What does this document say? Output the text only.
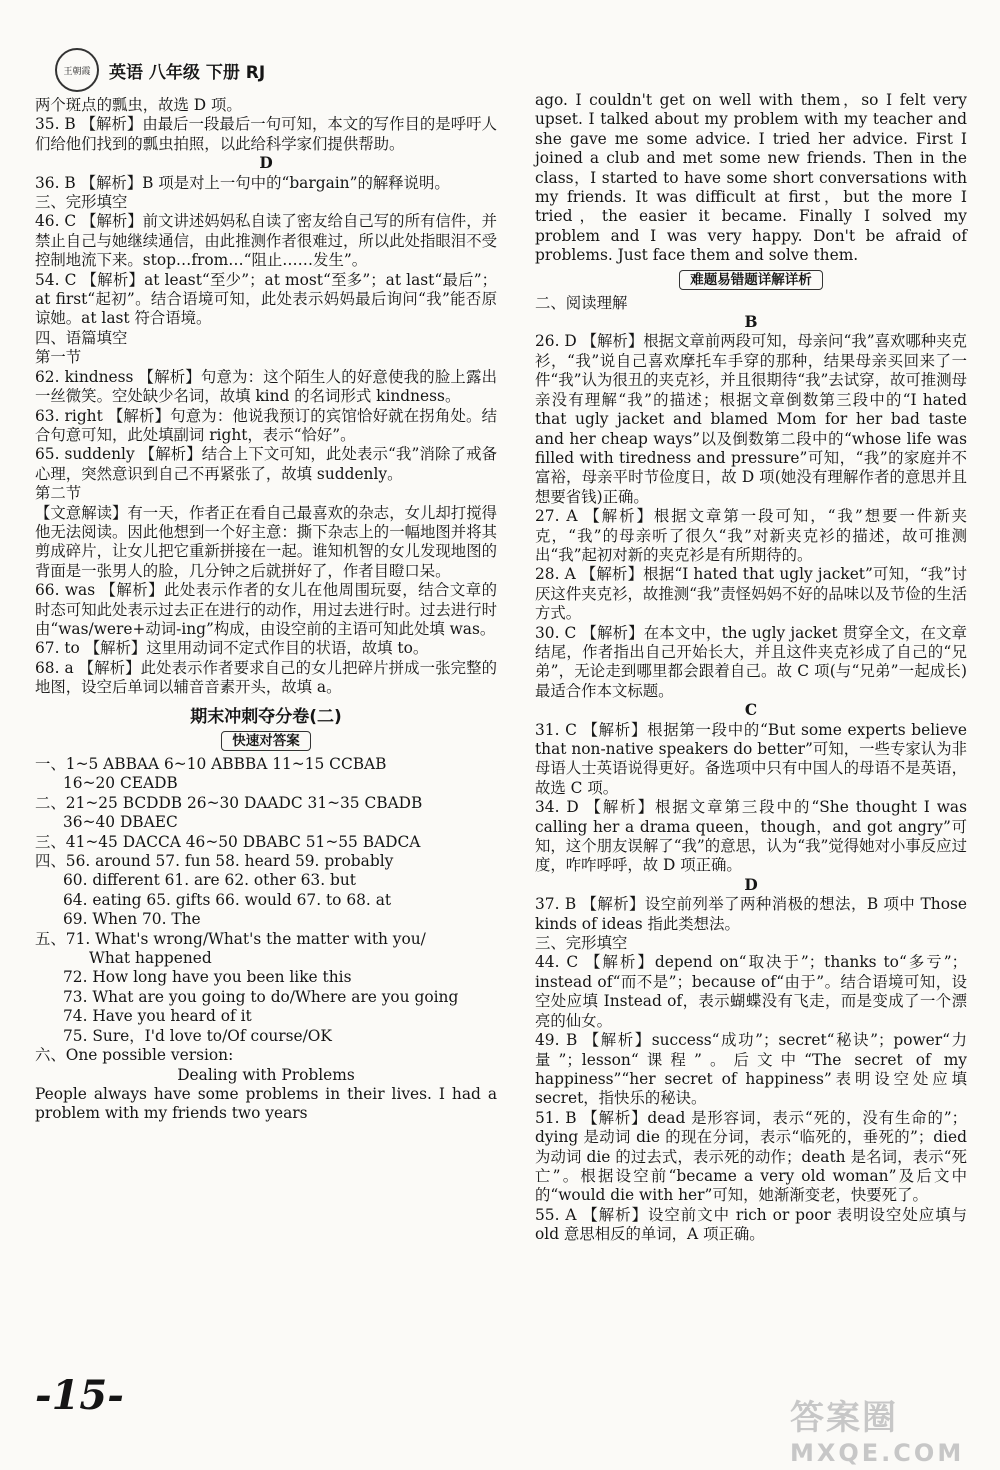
王朝霞 英语 八年级 下册 RJ
两个斑点的瓢虫，故选 D 项。
35. B 【解析】由最后一段最后一句可知，本文的写作目的是呼吁人们给他们找到的瓢虫拍照，以此给科学家们提供帮助。
D
36. B 【解析】B 项是对上一句中的“bargain”的解释说明。
三、完形填空
46. C 【解析】前文讲述妈妈私自读了密友给自己写的所有信件，并禁止自己与她继续通信，由此推测作者很难过，所以此处指眼泪不受控制地流下来。stop…from…“阻止……发生”。
54. C 【解析】at least“至少”；at most“至多”；at last“最后”；at first“起初”。结合语境可知，此处表示妈妈最后询问“我”能否原谅她。at last 符合语境。
四、语篇填空
第一节
62. kindness 【解析】句意为：这个陌生人的好意使我的脸上露出一丝微笑。空处缺少名词，故填 kind 的名词形式 kindness。
63. right 【解析】句意为：他说我预订的宾馆恰好就在拐角处。结合句意可知，此处填副词 right，表示“恰好”。
65. suddenly 【解析】结合上下文可知，此处表示“我”消除了戒备心理，突然意识到自己不再紧张了，故填 suddenly。
第二节
【文意解读】有一天，作者正在看自己最喜欢的杂志，女儿却打搅得他无法阅读。因此他想到一个好主意：撕下杂志上的一幅地图并将其剪成碎片，让女儿把它重新拼接在一起。谁知机智的女儿发现地图的背面是一张男人的脸，几分钟之后就拼好了，作者目瞪口呆。
66. was 【解析】此处表示作者的女儿在他周围玩耍，结合文章的时态可知此处表示过去正在进行的动作，用过去进行时。过去进行时由“was/were+动词-ing”构成，由设空前的主语可知此处填 was。
67. to 【解析】这里用动词不定式作目的状语，故填 to。
68. a 【解析】此处表示作者要求自己的女儿把碎片拼成一张完整的地图，设空后单词以辅音音素开头，故填 a。
期末冲刺夺分卷(二)
快速对答案
一、1~5 ABBAA 6~10 ABBBA 11~15 CCBAB
16~20 CEADB
二、21~25 BCDDB 26~30 DAADC 31~35 CBADB
36~40 DBAEC
三、41~45 DACCA 46~50 DBABC 51~55 BADCA
四、56. around 57. fun 58. heard 59. probably
60. different 61. are 62. other 63. but
64. eating 65. gifts 66. would 67. to 68. at
69. When 70. The
五、71. What's wrong/What's the matter with you/
What happened
72. How long have you been like this
73. What are you going to do/Where are you going
74. Have you heard of it
75. Sure，I'd love to/Of course/OK
六、One possible version:
Dealing with Problems
People always have some problems in their lives. I had a problem with my friends two years
ago. I couldn't get on well with them，so I felt very upset. I talked about my problem with my teacher and she gave me some advice. I tried her advice. First I joined a club and met some new friends. Then in the class，I started to have some short conversations with my friends. It was difficult at first，but the more I tried，the easier it became. Finally I solved my problem and I was very happy. Don't be afraid of problems. Just face them and solve them.
难题易错题详解详析
二、阅读理解
B
26. D 【解析】根据文章前两段可知，母亲问“我”喜欢哪种夹克衫，“我”说自己喜欢摩托车手穿的那种，结果母亲买回来了一件“我”认为很丑的夹克衫，并且很期待“我”去试穿，故可推测母亲没有理解“我”的描述；根据文章倒数第三段中的“I hated that ugly jacket and blamed Mom for her bad taste and her cheap ways”以及倒数第二段中的“whose life was filled with tiredness and pressure”可知，“我”的家庭并不富裕，母亲平时节俭度日，故 D 项(她没有理解作者的意思并且想要省钱)正确。
27. A 【解析】根据文章第一段可知，“我”想要一件新夹克，“我”的母亲听了很久“我”对新夹克衫的描述，故可推测出“我”起初对新的夹克衫是有所期待的。
28. A 【解析】根据“I hated that ugly jacket”可知，“我”讨厌这件夹克衫，故推测“我”责怪妈妈不好的品味以及节俭的生活方式。
30. C 【解析】在本文中，the ugly jacket 贯穿全文，在文章结尾，作者指出自己开始长大，并且这件夹克衫成了自己的“兄弟”，无论走到哪里都会跟着自己。故 C 项(与“兄弟”一起成长)最适合作本文标题。
C
31. C 【解析】根据第一段中的“But some experts believe that non-native speakers do better”可知，一些专家认为非母语人士英语说得更好。备选项中只有中国人的母语不是英语，故选 C 项。
34. D 【解析】根据文章第三段中的“She thought I was calling her a drama queen，though，and got angry”可知，这个朋友误解了“我”的意思，认为“我”觉得她对小事反应过度，咋咋呼呼，故 D 项正确。
D
37. B 【解析】设空前列举了两种消极的想法，B 项中 Those kinds of ideas 指此类想法。
三、完形填空
44. C 【解析】depend on“取决于”；thanks to“多亏”；instead of“而不是”；because of“由于”。结合语境可知，设空处应填 Instead of，表示蝴蝶没有飞走，而是变成了一个漂亮的仙女。
49. B 【解析】success“成功”；secret“秘诀”；power“力量”；lesson“课程”。后文中“The secret of my happiness”“her secret of happiness”表明设空处应填 secret，指快乐的秘诀。
51. B 【解析】dead 是形容词，表示“死的，没有生命的”；dying 是动词 die 的现在分词，表示“临死的，垂死的”；died 为动词 die 的过去式，表示死的动作；death 是名词，表示“死亡”。根据设空前“became a very old woman”及后文中的“would die with her”可知，她渐渐变老，快要死了。
55. A 【解析】设空前文中 rich or poor 表明设空处应填与 old 意思相反的单词，A 项正确。
-15-	答案圈
MXQE.COM
